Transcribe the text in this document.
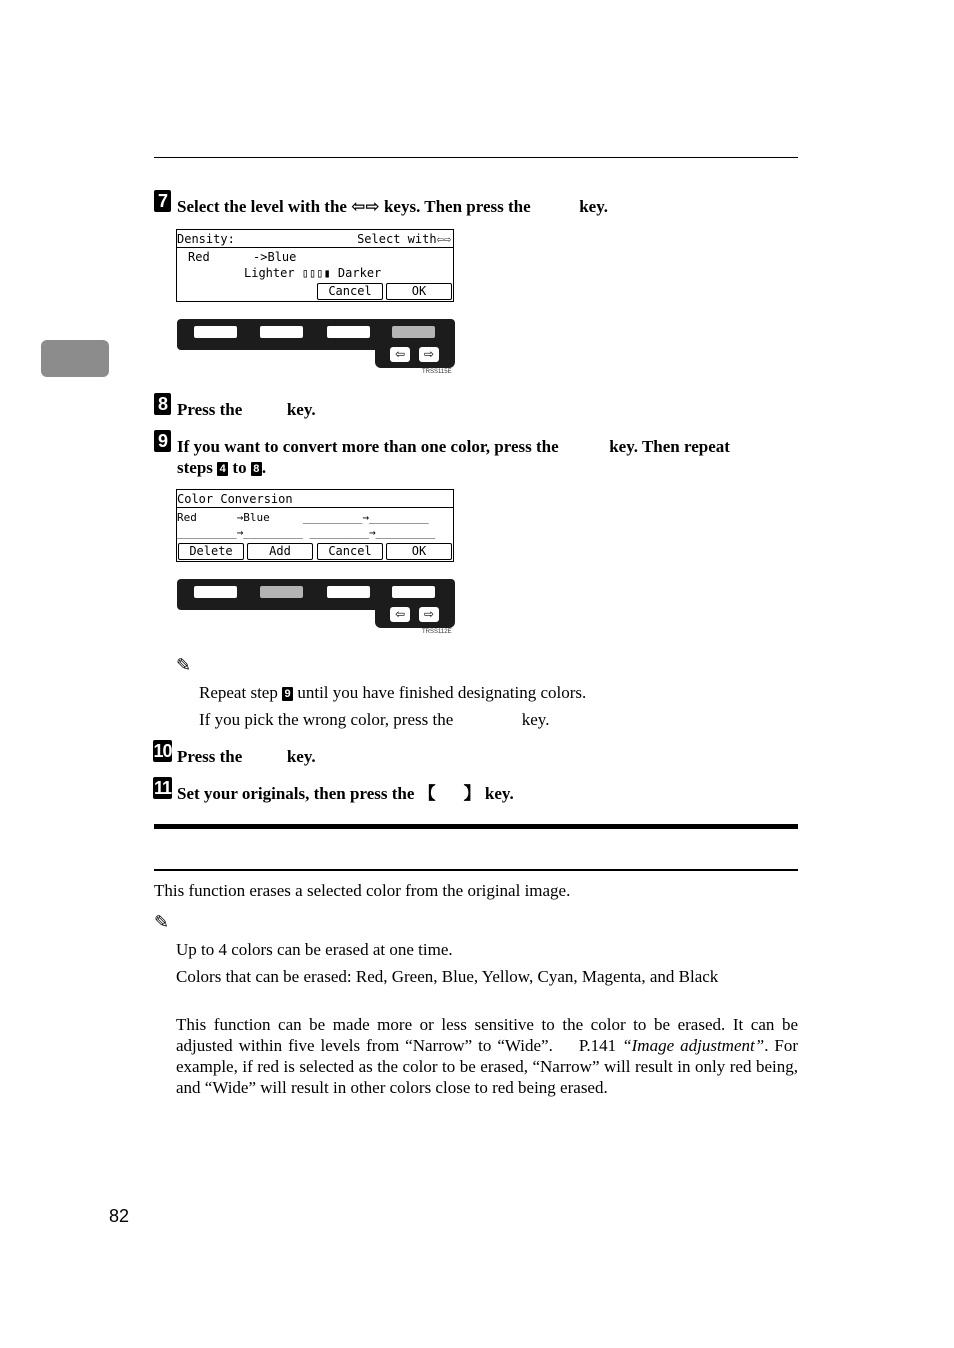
7 Select the level with the ⇦⇨ keys. Then press the	key.
Density:	Select with⇦⇨
Red      ->Blue
Lighter ▯▯▯▮ Darker
Cancel	OK
⇦	⇨
TRSS115E
8 Press the	key.
9 If you want to convert more than one color, press the	key. Then repeat
steps 4 to 8 .
Color Conversion
Red      →Blue     _________→_________
_________→_________ _________→_________
Delete	Add	Cancel	OK
⇦	⇨
TRSS112E
✎
Repeat step 9 until you have finished designating colors.
If you pick the wrong color, press the	key.
10 Press the	key.
11 Set your originals, then press the 【 】 key.
This function erases a selected color from the original image.
✎
Up to 4 colors can be erased at one time.
Colors that can be erased: Red, Green, Blue, Yellow, Cyan, Magenta, and Black
This function can be made more or less sensitive to the color to be erased. It can be adjusted within five levels from “Narrow” to “Wide”. P.141 “Image adjustment”. For example, if red is selected as the color to be erased, “Narrow” will result in only red being, and “Wide” will result in other colors close to red being erased.
82
